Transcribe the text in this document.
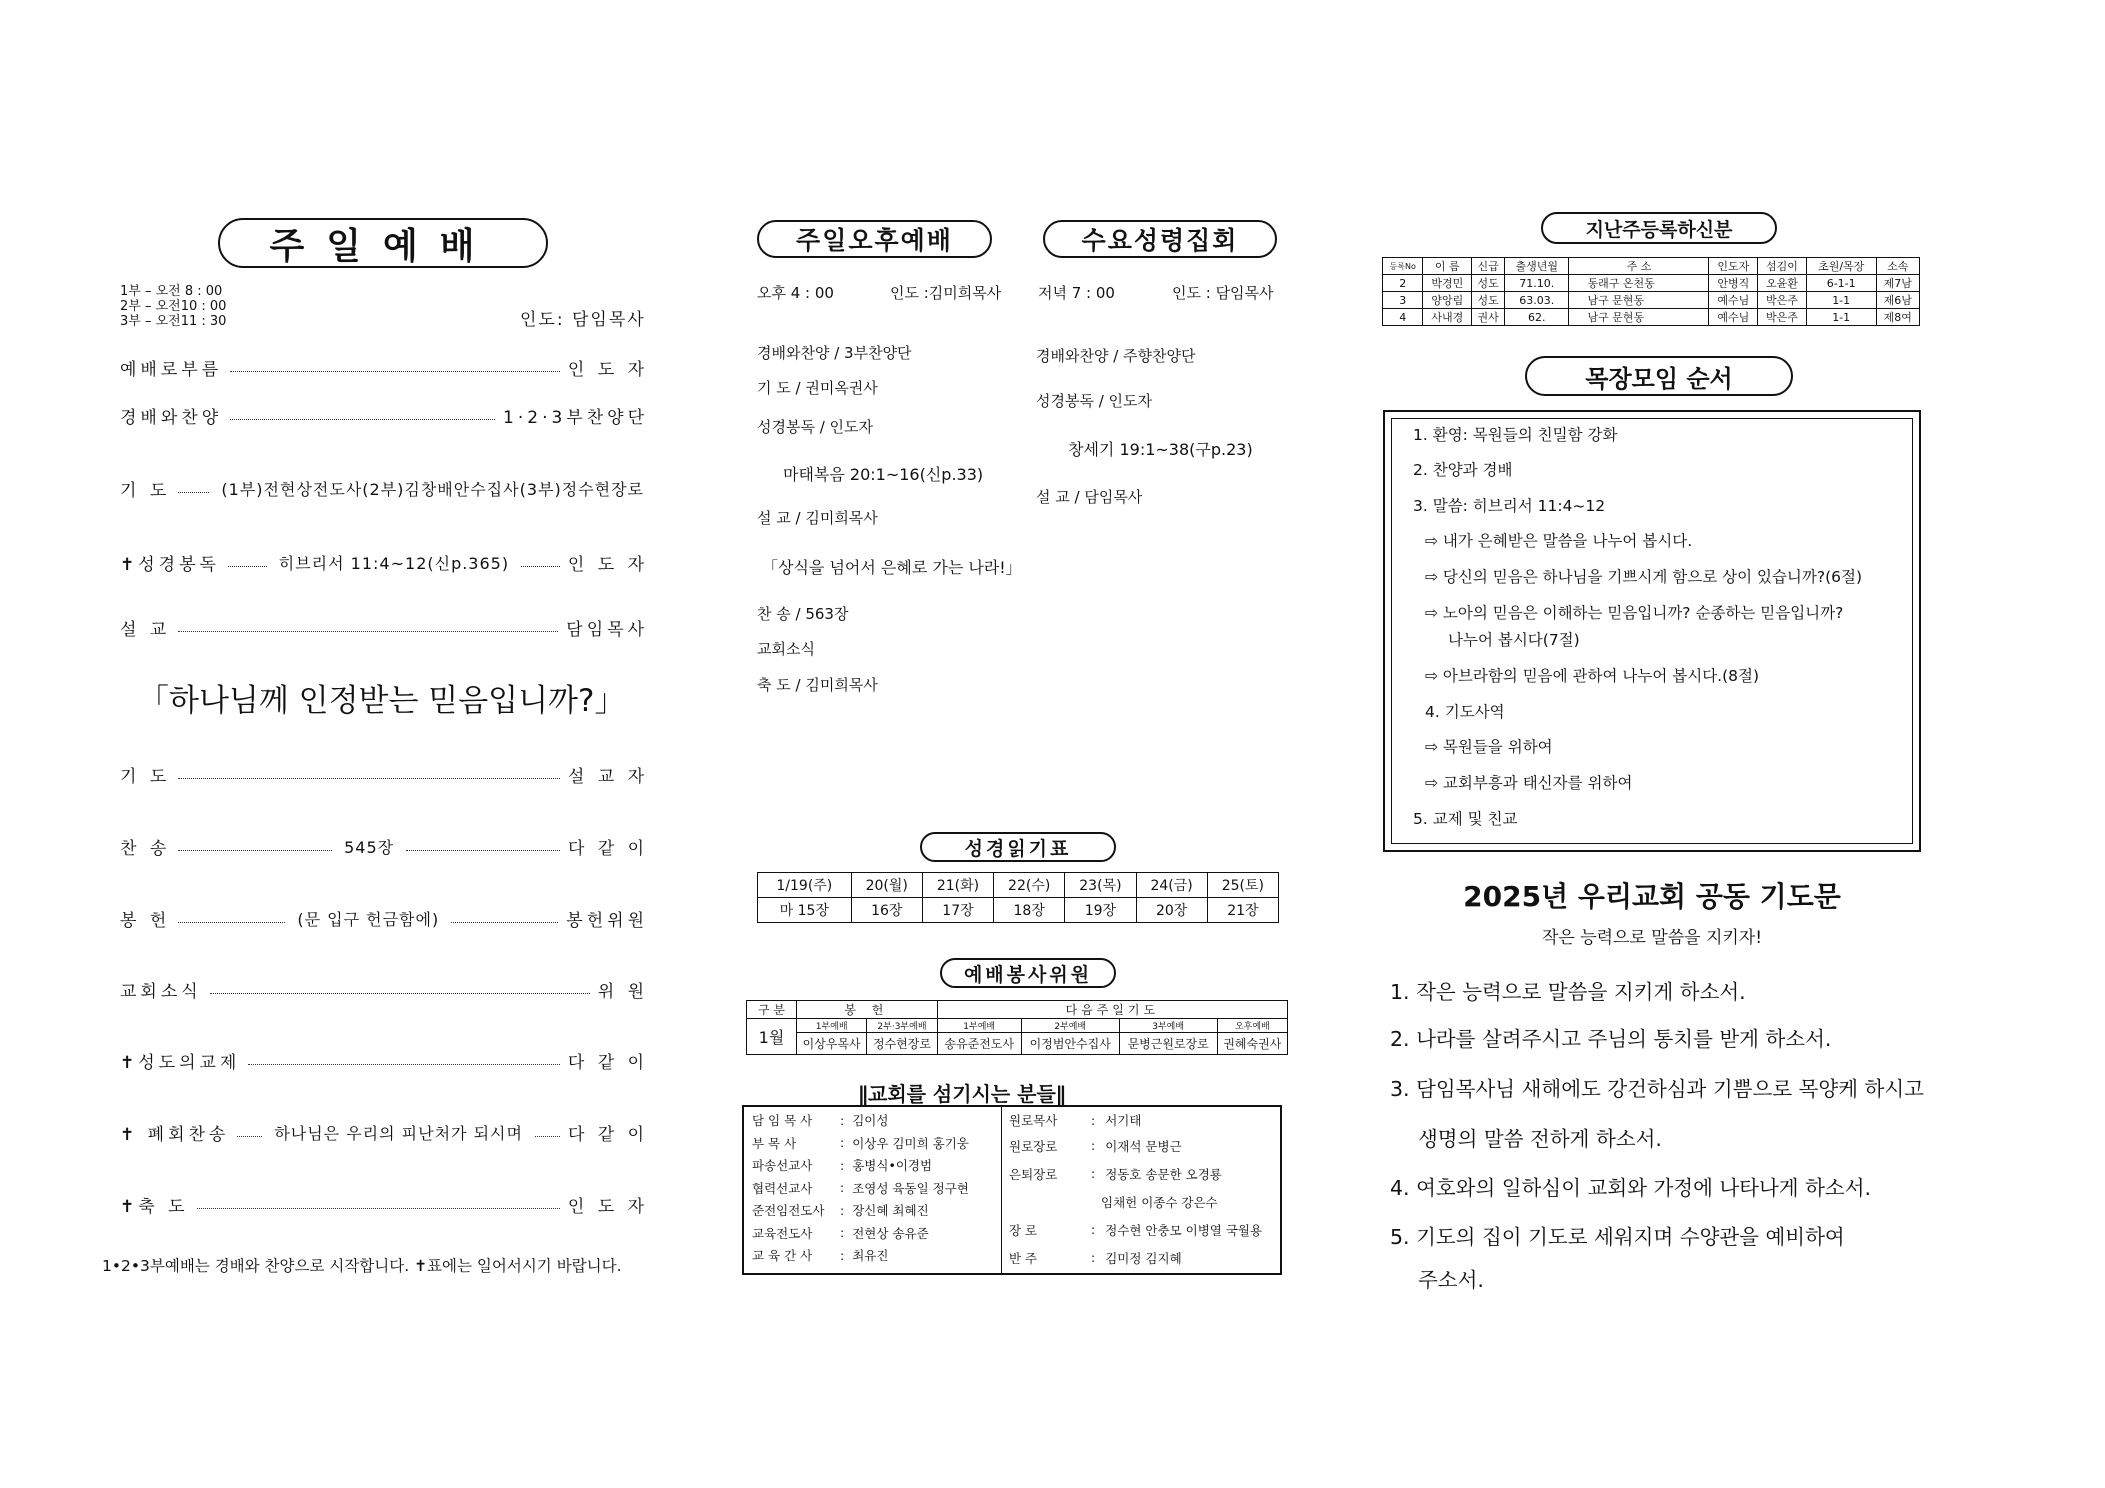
주일예배
1부 – 오전 8 : 00
2부 – 오전10 : 00
3부 – 오전11 : 30	인도: 담임목사
예배로부름	인 도 자
경배와찬양	1·2·3부찬양단
기 도	(1부)전현상전도사(2부)김창배안수집사(3부)정수현장로
✝성경봉독	히브리서 11:4~12(신p.365)	인 도 자
설 교	담임목사
「하나님께 인정받는 믿음입니까?」
기 도	설 교 자
찬 송	545장	다 같 이
봉 헌	(문 입구 헌금함에)	봉헌위원
교회소식	위 원
✝성도의교제	다 같 이
✝ 폐회찬송	하나님은 우리의 피난처가 되시며	다 같 이
✝축 도	인 도 자
1•2•3부예배는 경배와 찬양으로 시작합니다. ✝표에는 일어서시기 바랍니다.
주일오후예배	수요성령집회
오후 4 : 00	인도 :김미희목사
경배와찬양 / 3부찬양단
기 도 / 권미옥권사
성경봉독 / 인도자
마태복음 20:1~16(신p.33)
설 교 / 김미희목사
「상식을 넘어서 은혜로 가는 나라!」
찬 송 / 563장
교회소식
축 도 / 김미희목사
저녁 7 : 00	인도 : 담임목사
경배와찬양 / 주향찬양단
성경봉독 / 인도자
창세기 19:1~38(구p.23)
설 교 / 담임목사
성경읽기표
1/19(주)	20(월)	21(화)	22(수)	23(목)	24(금)	25(토)
마 15장	16장	17장	18장	19장	20장	21장
예배봉사위원
구 분	봉 헌		다음주일기도			
1월	1부예배	2부·3부예배	1부예배	2부예배	3부예배	오후예배
	이상우목사	정수현장로	송유준전도사	이정범안수집사	문병근원로장로	권혜숙권사
∥교회를 섬기시는 분들∥
담 임 목 사	: 김이성
부 목 사	: 이상우 김미희 홍기웅
파송선교사	: 홍병식•이경범
협력선교사	: 조영성 육동일 정구현
준전임전도사	: 장신혜 최혜진
교육전도사	: 전현상 송유준
교 육 간 사	: 최유진
원로목사	: 서기태
원로장로	: 이재석 문병근
은퇴장로	: 정동호 송문한 오경룡
임채헌 이종수 강은수
장 로	: 정수현 안충모 이병열 국월용
반 주	: 김미정 김지혜
지난주등록하신분
등록No	이 름	신급	출생년월	주 소	인도자	섬김이	초원/목장	소속
2	박경민	성도	71.10.	동래구 온천동	안병직	오윤환	6-1-1	제7남
3	양앙림	성도	63.03.	남구 문현동	예수님	박은주	1-1	제6남
4	사내경	권사	62.	남구 문현동	예수님	박은주	1-1	제8여
목장모임 순서
1. 환영: 목원들의 친밀함 강화
2. 찬양과 경배
3. 말씀: 히브리서 11:4~12
⇨ 내가 은혜받은 말씀을 나누어 봅시다.
⇨ 당신의 믿음은 하나님을 기쁘시게 함으로 상이 있습니까?(6절)
⇨ 노아의 믿음은 이해하는 믿음입니까? 순종하는 믿음입니까?
나누어 봅시다(7절)
⇨ 아브라함의 믿음에 관하여 나누어 봅시다.(8절)
4. 기도사역
⇨ 목원들을 위하여
⇨ 교회부흥과 태신자를 위하여
5. 교제 및 친교
2025년 우리교회 공동 기도문
작은 능력으로 말씀을 지키자!
1. 작은 능력으로 말씀을 지키게 하소서.
2. 나라를 살려주시고 주님의 통치를 받게 하소서.
3. 담임목사님 새해에도 강건하심과 기쁨으로 목양케 하시고
생명의 말씀 전하게 하소서.
4. 여호와의 일하심이 교회와 가정에 나타나게 하소서.
5. 기도의 집이 기도로 세워지며 수양관을 예비하여
주소서.
